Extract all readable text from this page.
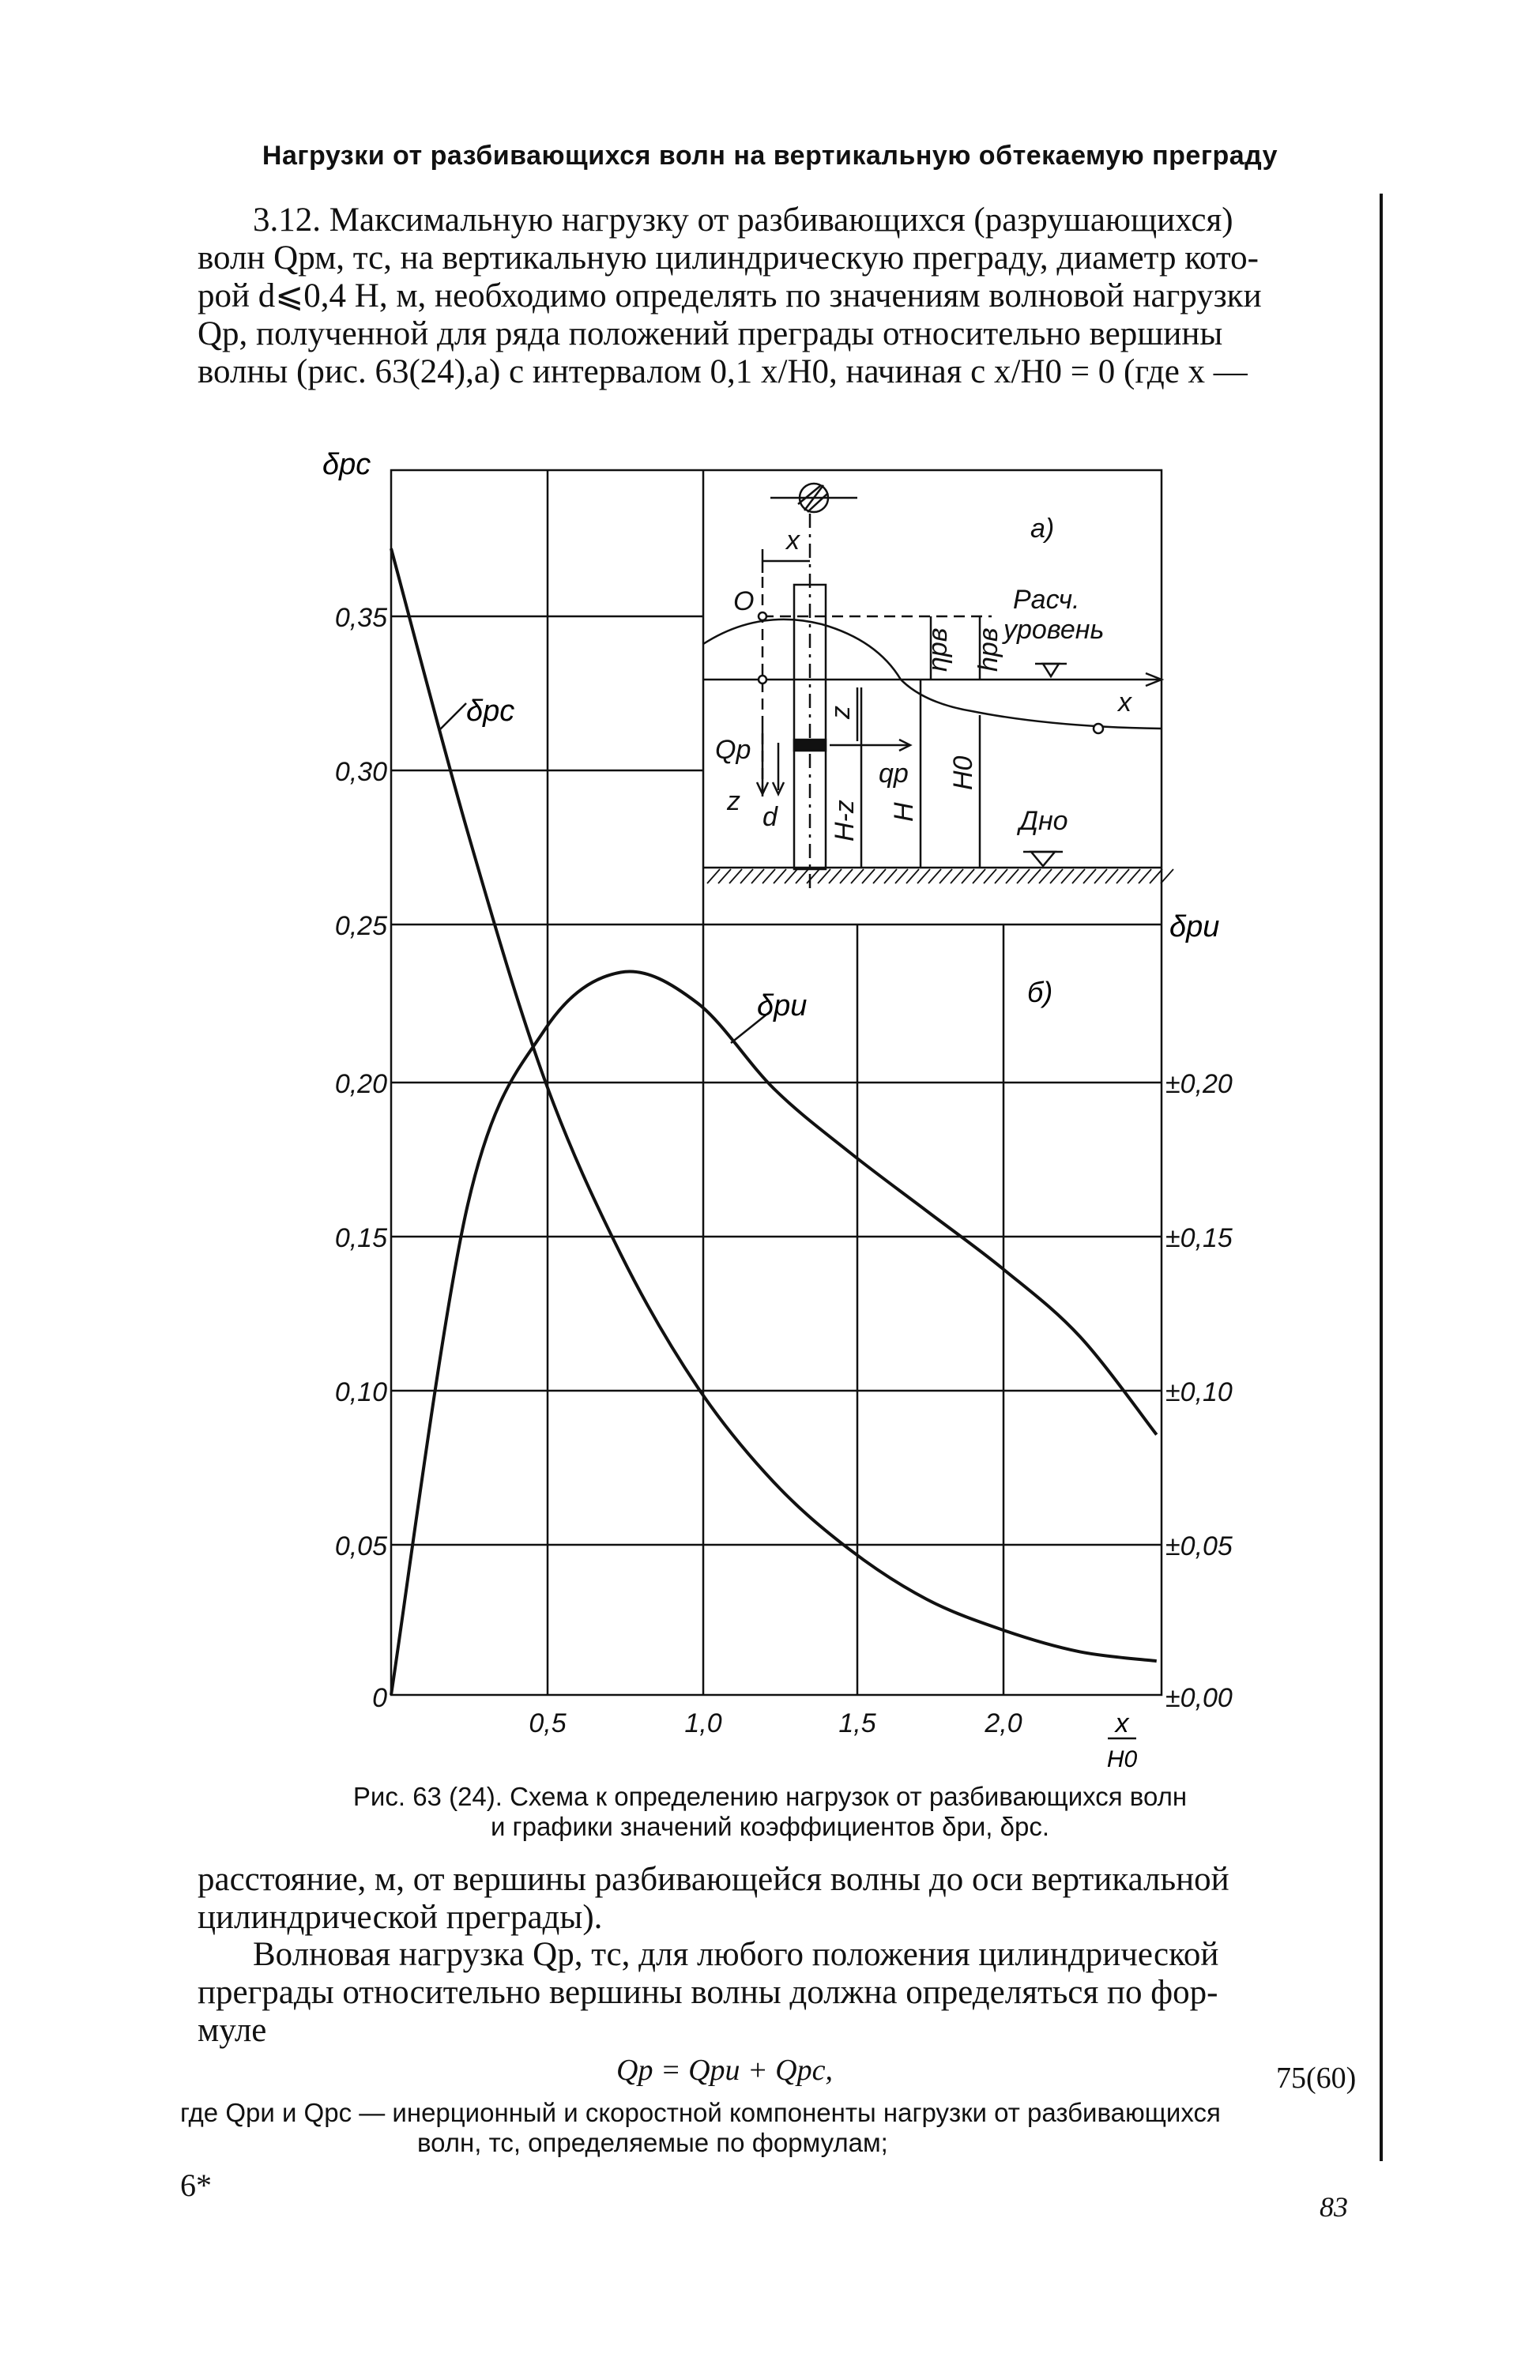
Нагрузки от разбивающихся волн на вертикальную обтекаемую преграду

3.12. Максимальную нагрузку от разбивающихся (разрушающихся)

волн Qрм, тс, на вертикальную цилиндрическую преграду, диаметр кото-

рой d⩽0,4 H, м, необходимо определять по значениям волновой нагрузки

Qр, полученной для ряда положений преграды относительно вершины

волны (рис. 63(24),а) с интервалом 0,1 x/H0, начиная с x/H0 = 0 (где x —

0
0,05
0,10
0,15
0,20
0,25
0,30
0,35
δрс
±0,00
±0,05
±0,10
±0,15
±0,20
δри
0,5	1,0	1,5	2,0	x
H0
δрс
δри	б)
x
O
а)
ηрв hрв
Расч.
уровень
x
z
Qр
qр
z
d H-z H
H0
Дно
Рис. 63 (24). Схема к определению нагрузок от разбивающихся волн
и графики значений коэффициентов δри, δрс.

расстояние, м, от вершины разбивающейся волны до оси вертикальной

цилиндрической преграды).

Волновая нагрузка Qр, тс, для любого положения цилиндрической

преграды относительно вершины волны должна определяться по фор-

муле

Qр = Qри + Qрс,	75(60)
где Qри и Qрс — инерционный и скоростной компоненты нагрузки от разбивающихся
волн, тс, определяемые по формулам;
6*
83
